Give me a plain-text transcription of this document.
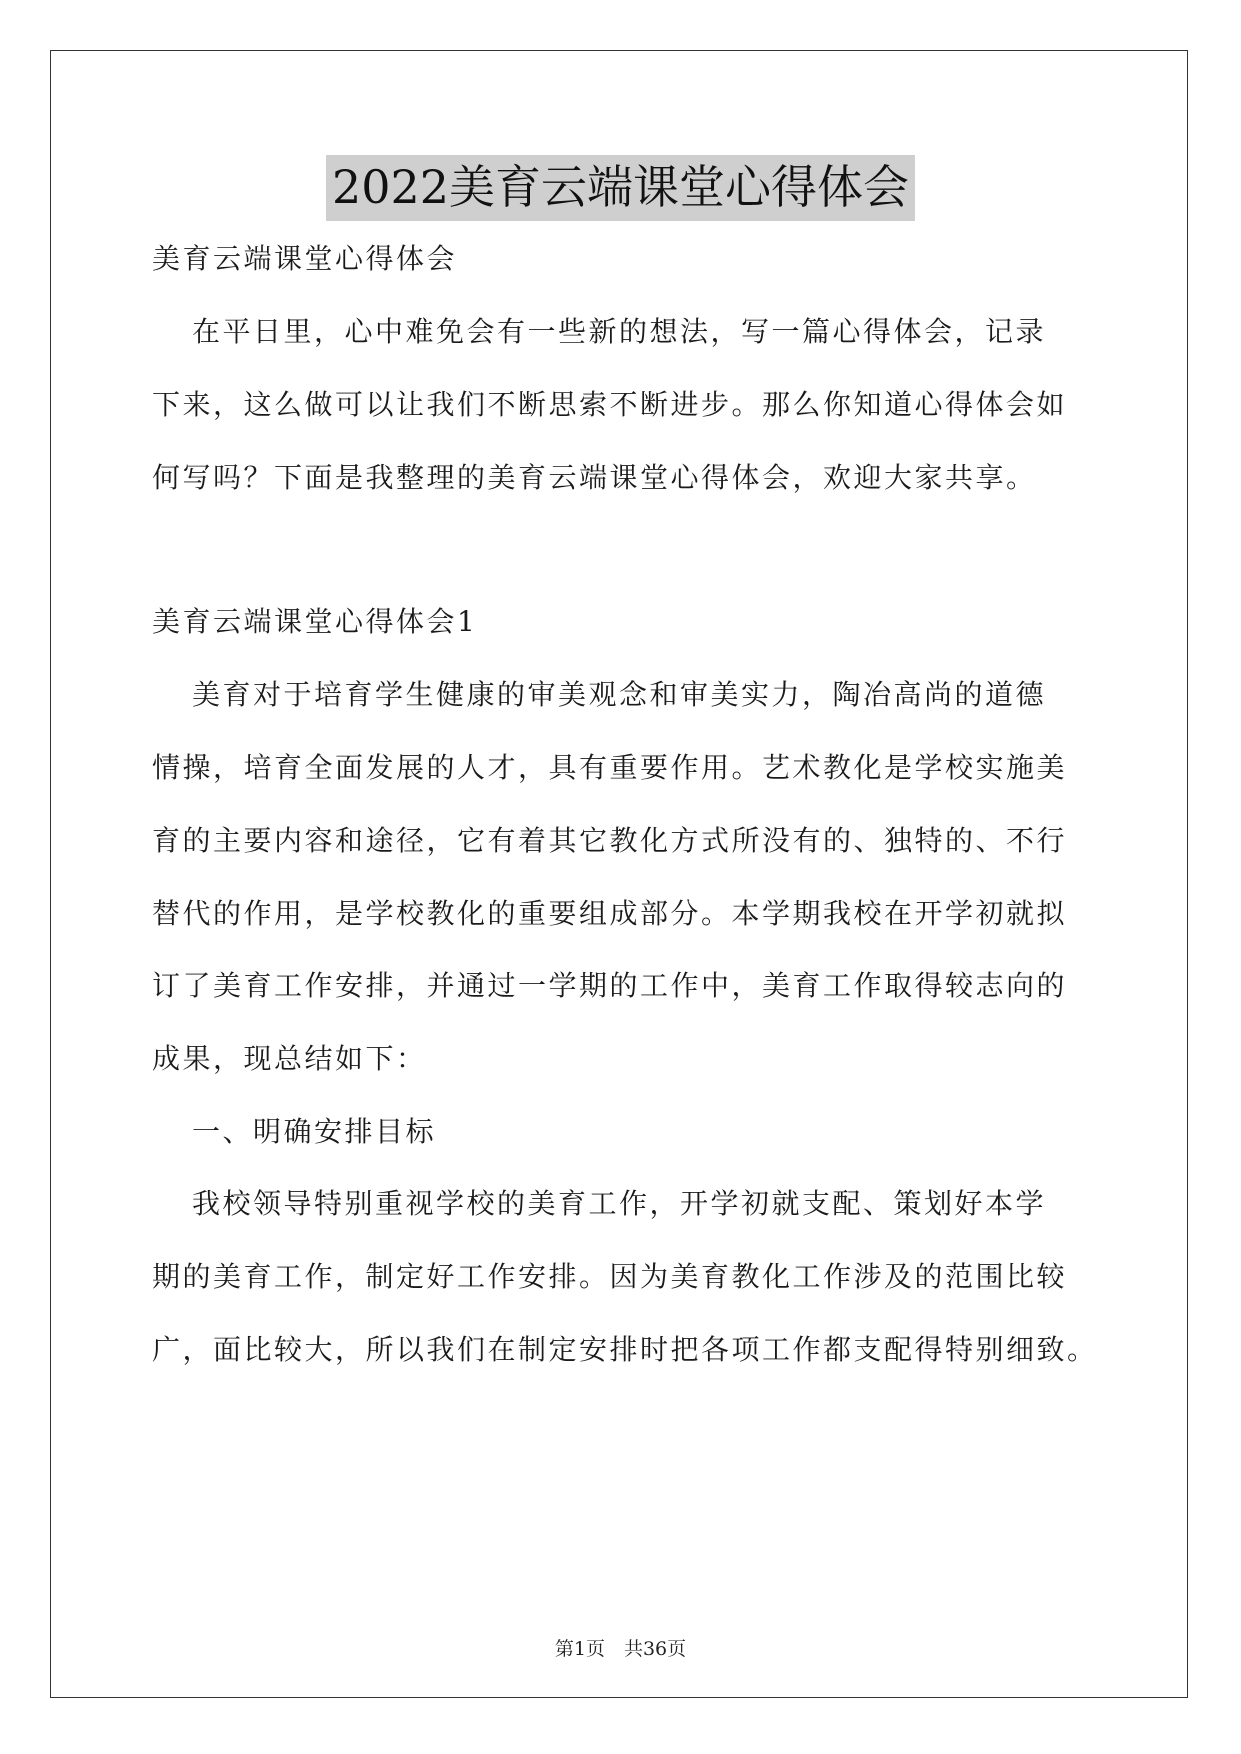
2022美育云端课堂心得体会
美育云端课堂心得体会
在平日里，心中难免会有一些新的想法，写一篇心得体会，记录
下来，这么做可以让我们不断思索不断进步。那么你知道心得体会如
何写吗？下面是我整理的美育云端课堂心得体会，欢迎大家共享。
美育云端课堂心得体会1
美育对于培育学生健康的审美观念和审美实力，陶冶高尚的道德
情操，培育全面发展的人才，具有重要作用。艺术教化是学校实施美
育的主要内容和途径，它有着其它教化方式所没有的、独特的、不行
替代的作用，是学校教化的重要组成部分。本学期我校在开学初就拟
订了美育工作安排，并通过一学期的工作中，美育工作取得较志向的
成果，现总结如下：
一、明确安排目标
我校领导特别重视学校的美育工作，开学初就支配、策划好本学
期的美育工作，制定好工作安排。因为美育教化工作涉及的范围比较
广，面比较大，所以我们在制定安排时把各项工作都支配得特别细致。
第1页　共36页
